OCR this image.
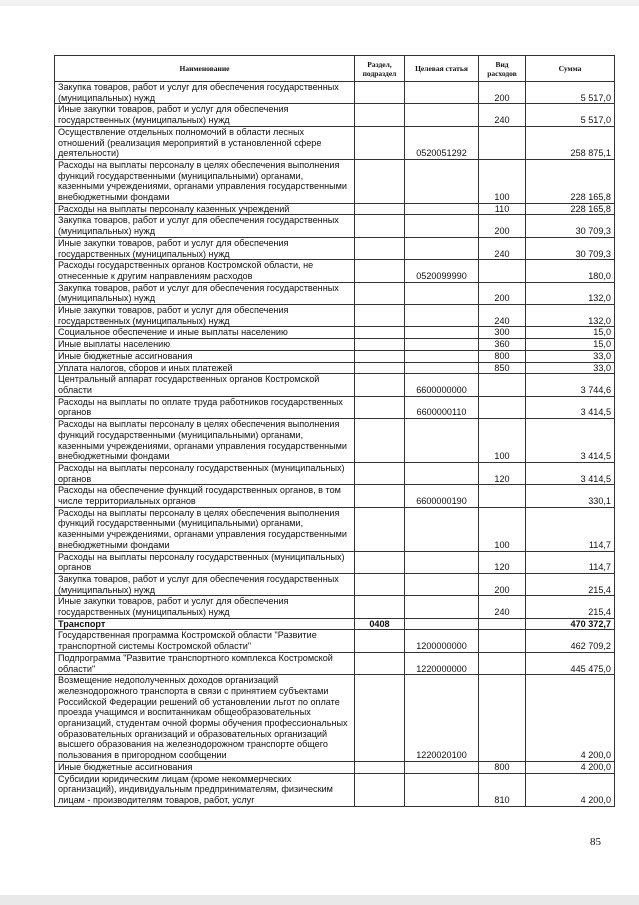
Наименование	Раздел, подраздел	Целевая статья	Вид расходов	Сумма
Закупка товаров, работ и услуг для обеспечения государственных (муниципальных) нужд			200	5 517,0
Иные закупки товаров, работ и услуг для обеспечения государственных (муниципальных) нужд			240	5 517,0
Осуществление отдельных полномочий в области лесных отношений (реализация мероприятий в установленной сфере деятельности)		0520051292		258 875,1
Расходы на выплаты персоналу в целях обеспечения выполнения функций государственными (муниципальными) органами, казенными учреждениями, органами управления государственными внебюджетными фондами			100	228 165,8
Расходы на выплаты персоналу казенных учреждений			110	228 165,8
Закупка товаров, работ и услуг для обеспечения государственных (муниципальных) нужд			200	30 709,3
Иные закупки товаров, работ и услуг для обеспечения государственных (муниципальных) нужд			240	30 709,3
Расходы государственных органов Костромской области, не отнесенные к другим направлениям расходов		0520099990		180,0
Закупка товаров, работ и услуг для обеспечения государственных (муниципальных) нужд			200	132,0
Иные закупки товаров, работ и услуг для обеспечения государственных (муниципальных) нужд			240	132,0
Социальное обеспечение и иные выплаты населению			300	15,0
Иные выплаты населению			360	15,0
Иные бюджетные ассигнования			800	33,0
Уплата налогов, сборов и иных платежей			850	33,0
Центральный аппарат государственных органов Костромской области		6600000000		3 744,6
Расходы на выплаты по оплате труда работников государственных органов		6600000110		3 414,5
Расходы на выплаты персоналу в целях обеспечения выполнения функций государственными (муниципальными) органами, казенными учреждениями, органами управления государственными внебюджетными фондами			100	3 414,5
Расходы на выплаты персоналу государственных (муниципальных) органов			120	3 414,5
Расходы на обеспечение функций государственных органов, в том числе территориальных органов		6600000190		330,1
Расходы на выплаты персоналу в целях обеспечения выполнения функций государственными (муниципальными) органами, казенными учреждениями, органами управления государственными внебюджетными фондами			100	114,7
Расходы на выплаты персоналу государственных (муниципальных) органов			120	114,7
Закупка товаров, работ и услуг для обеспечения государственных (муниципальных) нужд			200	215,4
Иные закупки товаров, работ и услуг для обеспечения государственных (муниципальных) нужд			240	215,4
Транспорт	0408			470 372,7
Государственная программа Костромской области "Развитие транспортной системы Костромской области"		1200000000		462 709,2
Подпрограмма "Развитие транспортного комплекса Костромской области"		1220000000		445 475,0
Возмещение недополученных доходов организаций железнодорожного транспорта в связи с принятием субъектами Российской Федерации решений об установлении льгот по оплате проезда учащимся и воспитанникам общеобразовательных организаций, студентам очной формы обучения профессиональных образовательных организаций и образовательных организаций высшего образования на железнодорожном транспорте общего пользования в пригородном сообщении		1220020100		4 200,0
Иные бюджетные ассигнования			800	4 200,0
Субсидии юридическим лицам (кроме некоммерческих организаций), индивидуальным предпринимателям, физическим лицам - производителям товаров, работ, услуг			810	4 200,0
85
